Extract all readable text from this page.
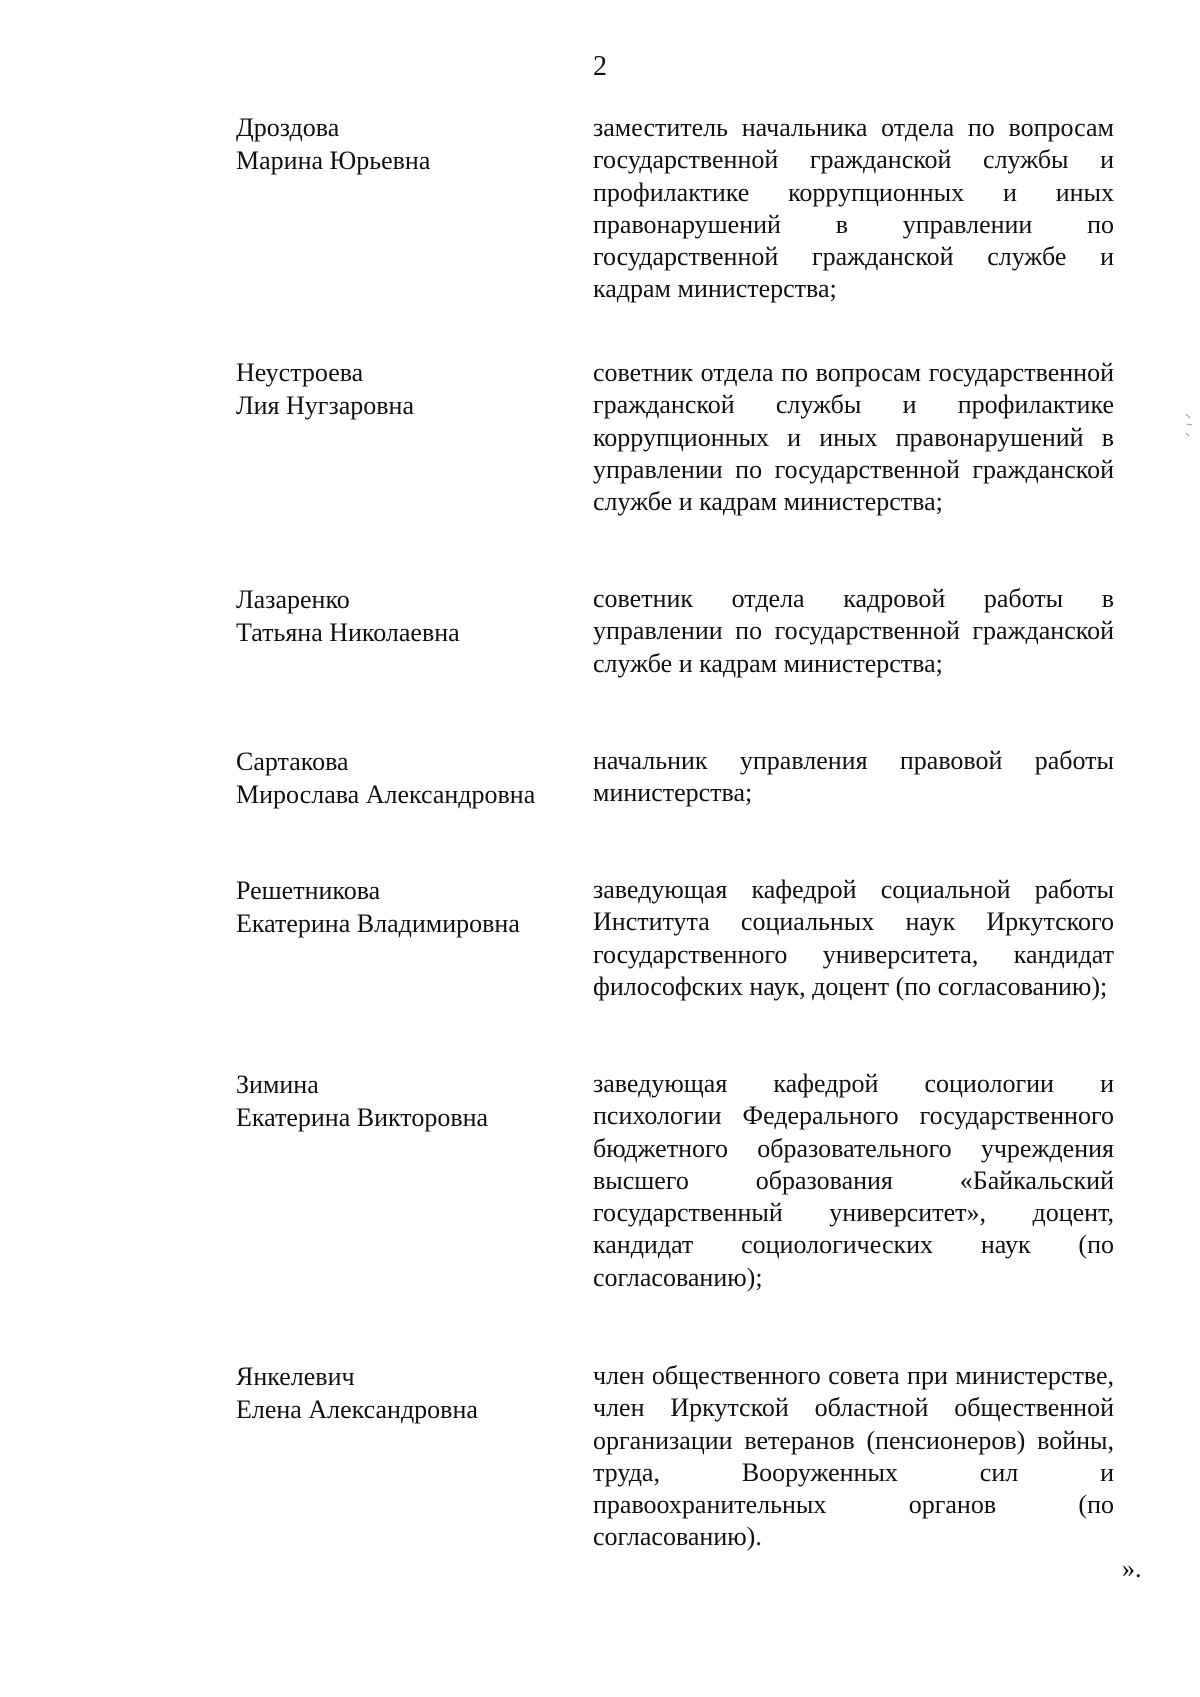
2
Дроздова
Марина Юрьевна
заместитель начальника отдела по вопросам государственной гражданской службы и профилактике коррупционных и иных правонарушений в управлении по государственной гражданской службе и кадрам министерства;
Неустроева
Лия Нугзаровна
советник отдела по вопросам государственной гражданской службы и профилактике коррупционных и иных правонарушений в управлении по государственной гражданской службе и кадрам министерства;
Лазаренко
Татьяна Николаевна
советник отдела кадровой работы в управлении по государственной гражданской службе и кадрам министерства;
Сартакова
Мирослава Александровна
начальник управления правовой работы министерства;
Решетникова
Екатерина Владимировна
заведующая кафедрой социальной работы Института социальных наук Иркутского государственного университета, кандидат философских наук, доцент (по согласованию);
Зимина
Екатерина Викторовна
заведующая кафедрой социологии и психологии Федерального государственного бюджетного образовательного учреждения высшего образования «Байкальский государственный университет», доцент, кандидат социологических наук (по согласованию);
Янкелевич
Елена Александровна
член общественного совета при министерстве, член Иркутской областной общественной организации ветеранов (пенсионеров) войны, труда, Вооруженных сил и правоохранительных органов (по согласованию).
».
